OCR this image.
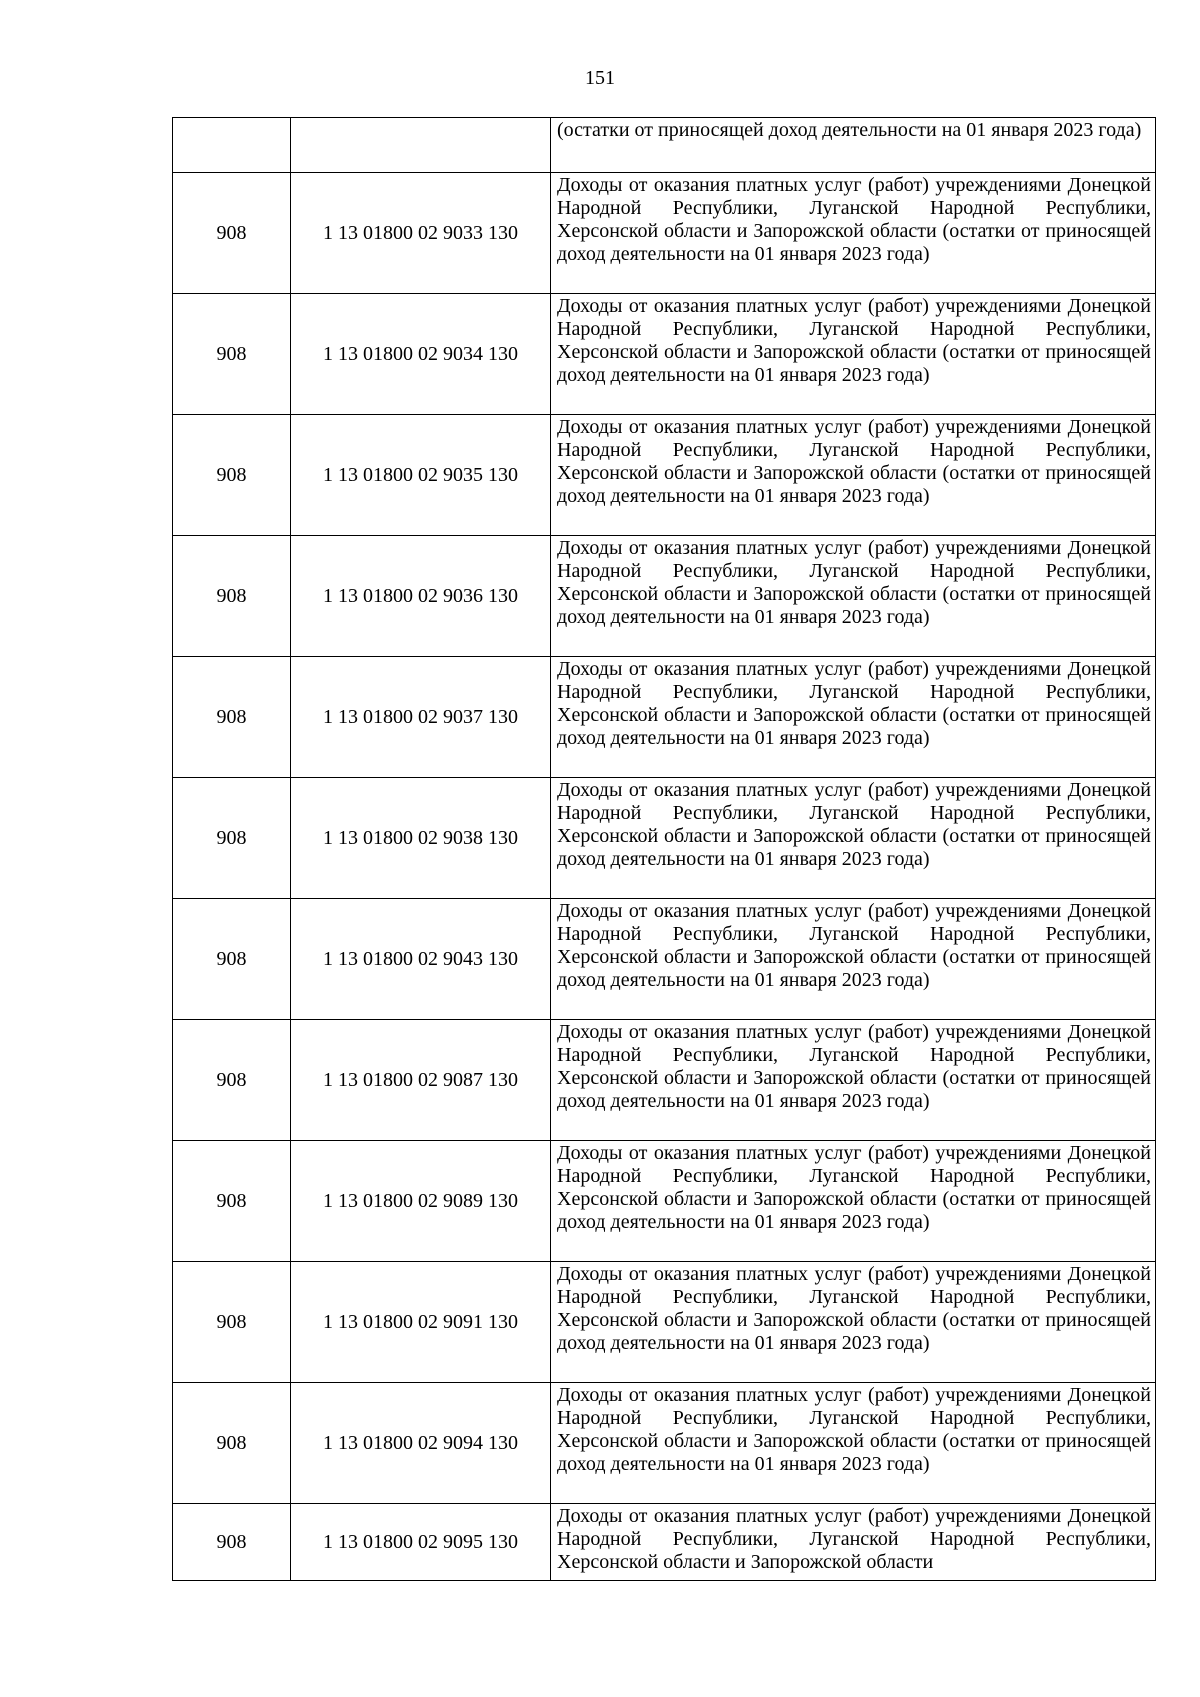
151
		(остатки от приносящей доход деятельности на 01 января 2023 года)
908	1 13 01800 02 9033 130	Доходы от оказания платных услуг (работ) учреждениями Донецкой Народной Республики, Луганской Народной Республики, Херсонской области и Запорожской области (остатки от приносящей доход деятельности на 01 января 2023 года)
908	1 13 01800 02 9034 130	Доходы от оказания платных услуг (работ) учреждениями Донецкой Народной Республики, Луганской Народной Республики, Херсонской области и Запорожской области (остатки от приносящей доход деятельности на 01 января 2023 года)
908	1 13 01800 02 9035 130	Доходы от оказания платных услуг (работ) учреждениями Донецкой Народной Республики, Луганской Народной Республики, Херсонской области и Запорожской области (остатки от приносящей доход деятельности на 01 января 2023 года)
908	1 13 01800 02 9036 130	Доходы от оказания платных услуг (работ) учреждениями Донецкой Народной Республики, Луганской Народной Республики, Херсонской области и Запорожской области (остатки от приносящей доход деятельности на 01 января 2023 года)
908	1 13 01800 02 9037 130	Доходы от оказания платных услуг (работ) учреждениями Донецкой Народной Республики, Луганской Народной Республики, Херсонской области и Запорожской области (остатки от приносящей доход деятельности на 01 января 2023 года)
908	1 13 01800 02 9038 130	Доходы от оказания платных услуг (работ) учреждениями Донецкой Народной Республики, Луганской Народной Республики, Херсонской области и Запорожской области (остатки от приносящей доход деятельности на 01 января 2023 года)
908	1 13 01800 02 9043 130	Доходы от оказания платных услуг (работ) учреждениями Донецкой Народной Республики, Луганской Народной Республики, Херсонской области и Запорожской области (остатки от приносящей доход деятельности на 01 января 2023 года)
908	1 13 01800 02 9087 130	Доходы от оказания платных услуг (работ) учреждениями Донецкой Народной Республики, Луганской Народной Республики, Херсонской области и Запорожской области (остатки от приносящей доход деятельности на 01 января 2023 года)
908	1 13 01800 02 9089 130	Доходы от оказания платных услуг (работ) учреждениями Донецкой Народной Республики, Луганской Народной Республики, Херсонской области и Запорожской области (остатки от приносящей доход деятельности на 01 января 2023 года)
908	1 13 01800 02 9091 130	Доходы от оказания платных услуг (работ) учреждениями Донецкой Народной Республики, Луганской Народной Республики, Херсонской области и Запорожской области (остатки от приносящей доход деятельности на 01 января 2023 года)
908	1 13 01800 02 9094 130	Доходы от оказания платных услуг (работ) учреждениями Донецкой Народной Республики, Луганской Народной Республики, Херсонской области и Запорожской области (остатки от приносящей доход деятельности на 01 января 2023 года)
908	1 13 01800 02 9095 130	Доходы от оказания платных услуг (работ) учреждениями Донецкой Народной Республики, Луганской Народной Республики, Херсонской области и Запорожской области
